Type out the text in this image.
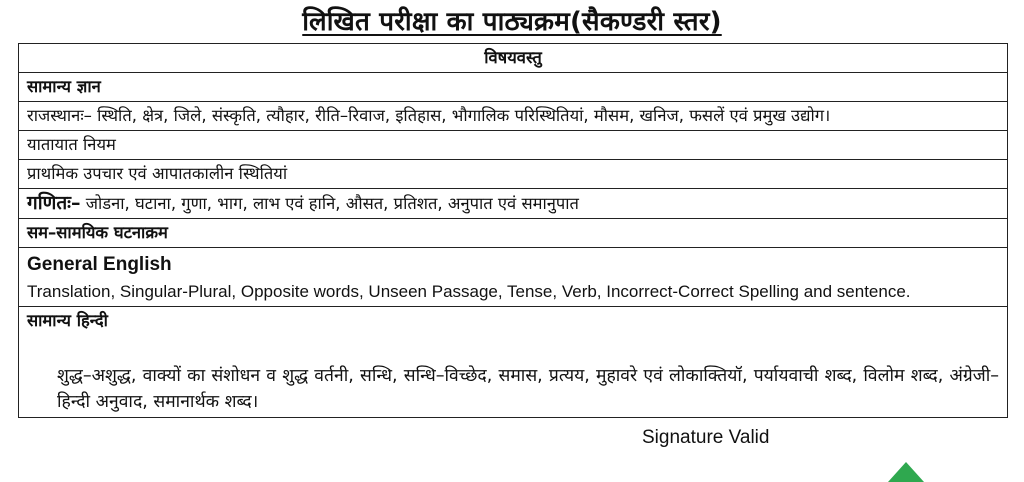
लिखित परीक्षा का पाठ्यक्रम(सैकण्डरी स्तर)
विषयवस्तु
सामान्य ज्ञान
राजस्थानः– स्थिति, क्षेत्र, जिले, संस्कृति, त्यौहार, रीति–रिवाज, इतिहास, भौगालिक परिस्थितियां, मौसम, खनिज, फसलें एवं प्रमुख उद्योग।
यातायात नियम
प्राथमिक उपचार एवं आपातकालीन स्थितियां
गणितः– जोडना, घटाना, गुणा, भाग, लाभ एवं हानि, औसत, प्रतिशत, अनुपात एवं समानुपात
सम–सामयिक घटनाक्रम

General English
Translation, Singular-Plural, Opposite words, Unseen Passage, Tense, Verb, Incorrect-Correct Spelling and sentence.

सामान्य हिन्दी

शुद्ध–अशुद्ध, वाक्यों का संशोधन व शुद्ध वर्तनी, सन्धि, सन्धि–विच्छेद, समास, प्रत्यय, मुहावरे एवं लोकाक्तियॉ, पर्यायवाची शब्द, विलोम शब्द, अंग्रेजी–हिन्दी अनुवाद, समानार्थक शब्द।
Signature Valid
